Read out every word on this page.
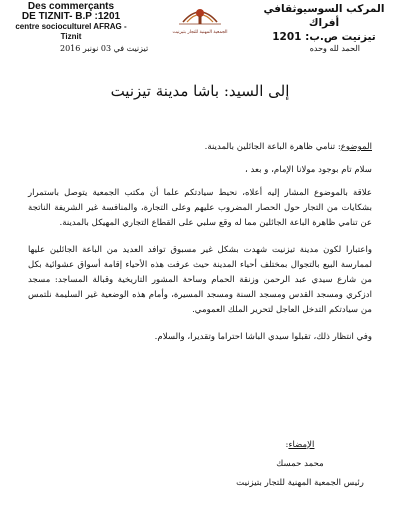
Des commerçants
DE TIZNIT- B.P :1201
centre socioculturel AFRAG - Tiznit	الجمعية المهنية للتجار بتيزنيت
المركب السوسيوثقافي أفراك
تيزنيت ص.ب: 1201
الحمد لله وحده
تيزنيت في 03 نونبر 2016
إلى السيد: باشا مدينة تيزنيت

الموضوع: تنامي ظاهرة الباعة الجائلين بالمدينة.

سلام تام بوجود مولانا الإمام، و بعد ،

علاقة بالموضوع المشار إليه أعلاه، نحيط سيادتكم علما أن مكتب الجمعية يتوصل باستمرار بشكايات من التجار حول الحصار المضروب عليهم وعلى التجارة، والمنافسة غير الشريفة الناتجة عن تنامي ظاهرة الباعة الجائلين مما له وقع سلبي على القطاع التجاري المهيكل بالمدينة.

واعتبارا لكون مدينة تيزنيت شهدت بشكل غير مسبوق توافد العديد من الباعة الجائلين عليها لممارسة البيع بالتجوال بمختلف أحياء المدينة حيث عرفت هذه الأحياء إقامة أسواق عشوائية بكل من شارع سيدي عبد الرحمن وزنقة الحمام وساحة المشور التاريخية وقبالة المساجد: مسجد ادزكري ومسجد القدس ومسجد السنة ومسجد المسيرة، وأمام هذه الوضعية غير السليمة نلتمس من سيادتكم التدخل العاجل لتحرير الملك العمومي.

وفي انتظار ذلك، تقبلوا سيدي الباشا احتراما وتقديرا، والسلام.

الإمضاء:
محمد حمسك
رئيس الجمعية المهنية للتجار بتيزنيت
